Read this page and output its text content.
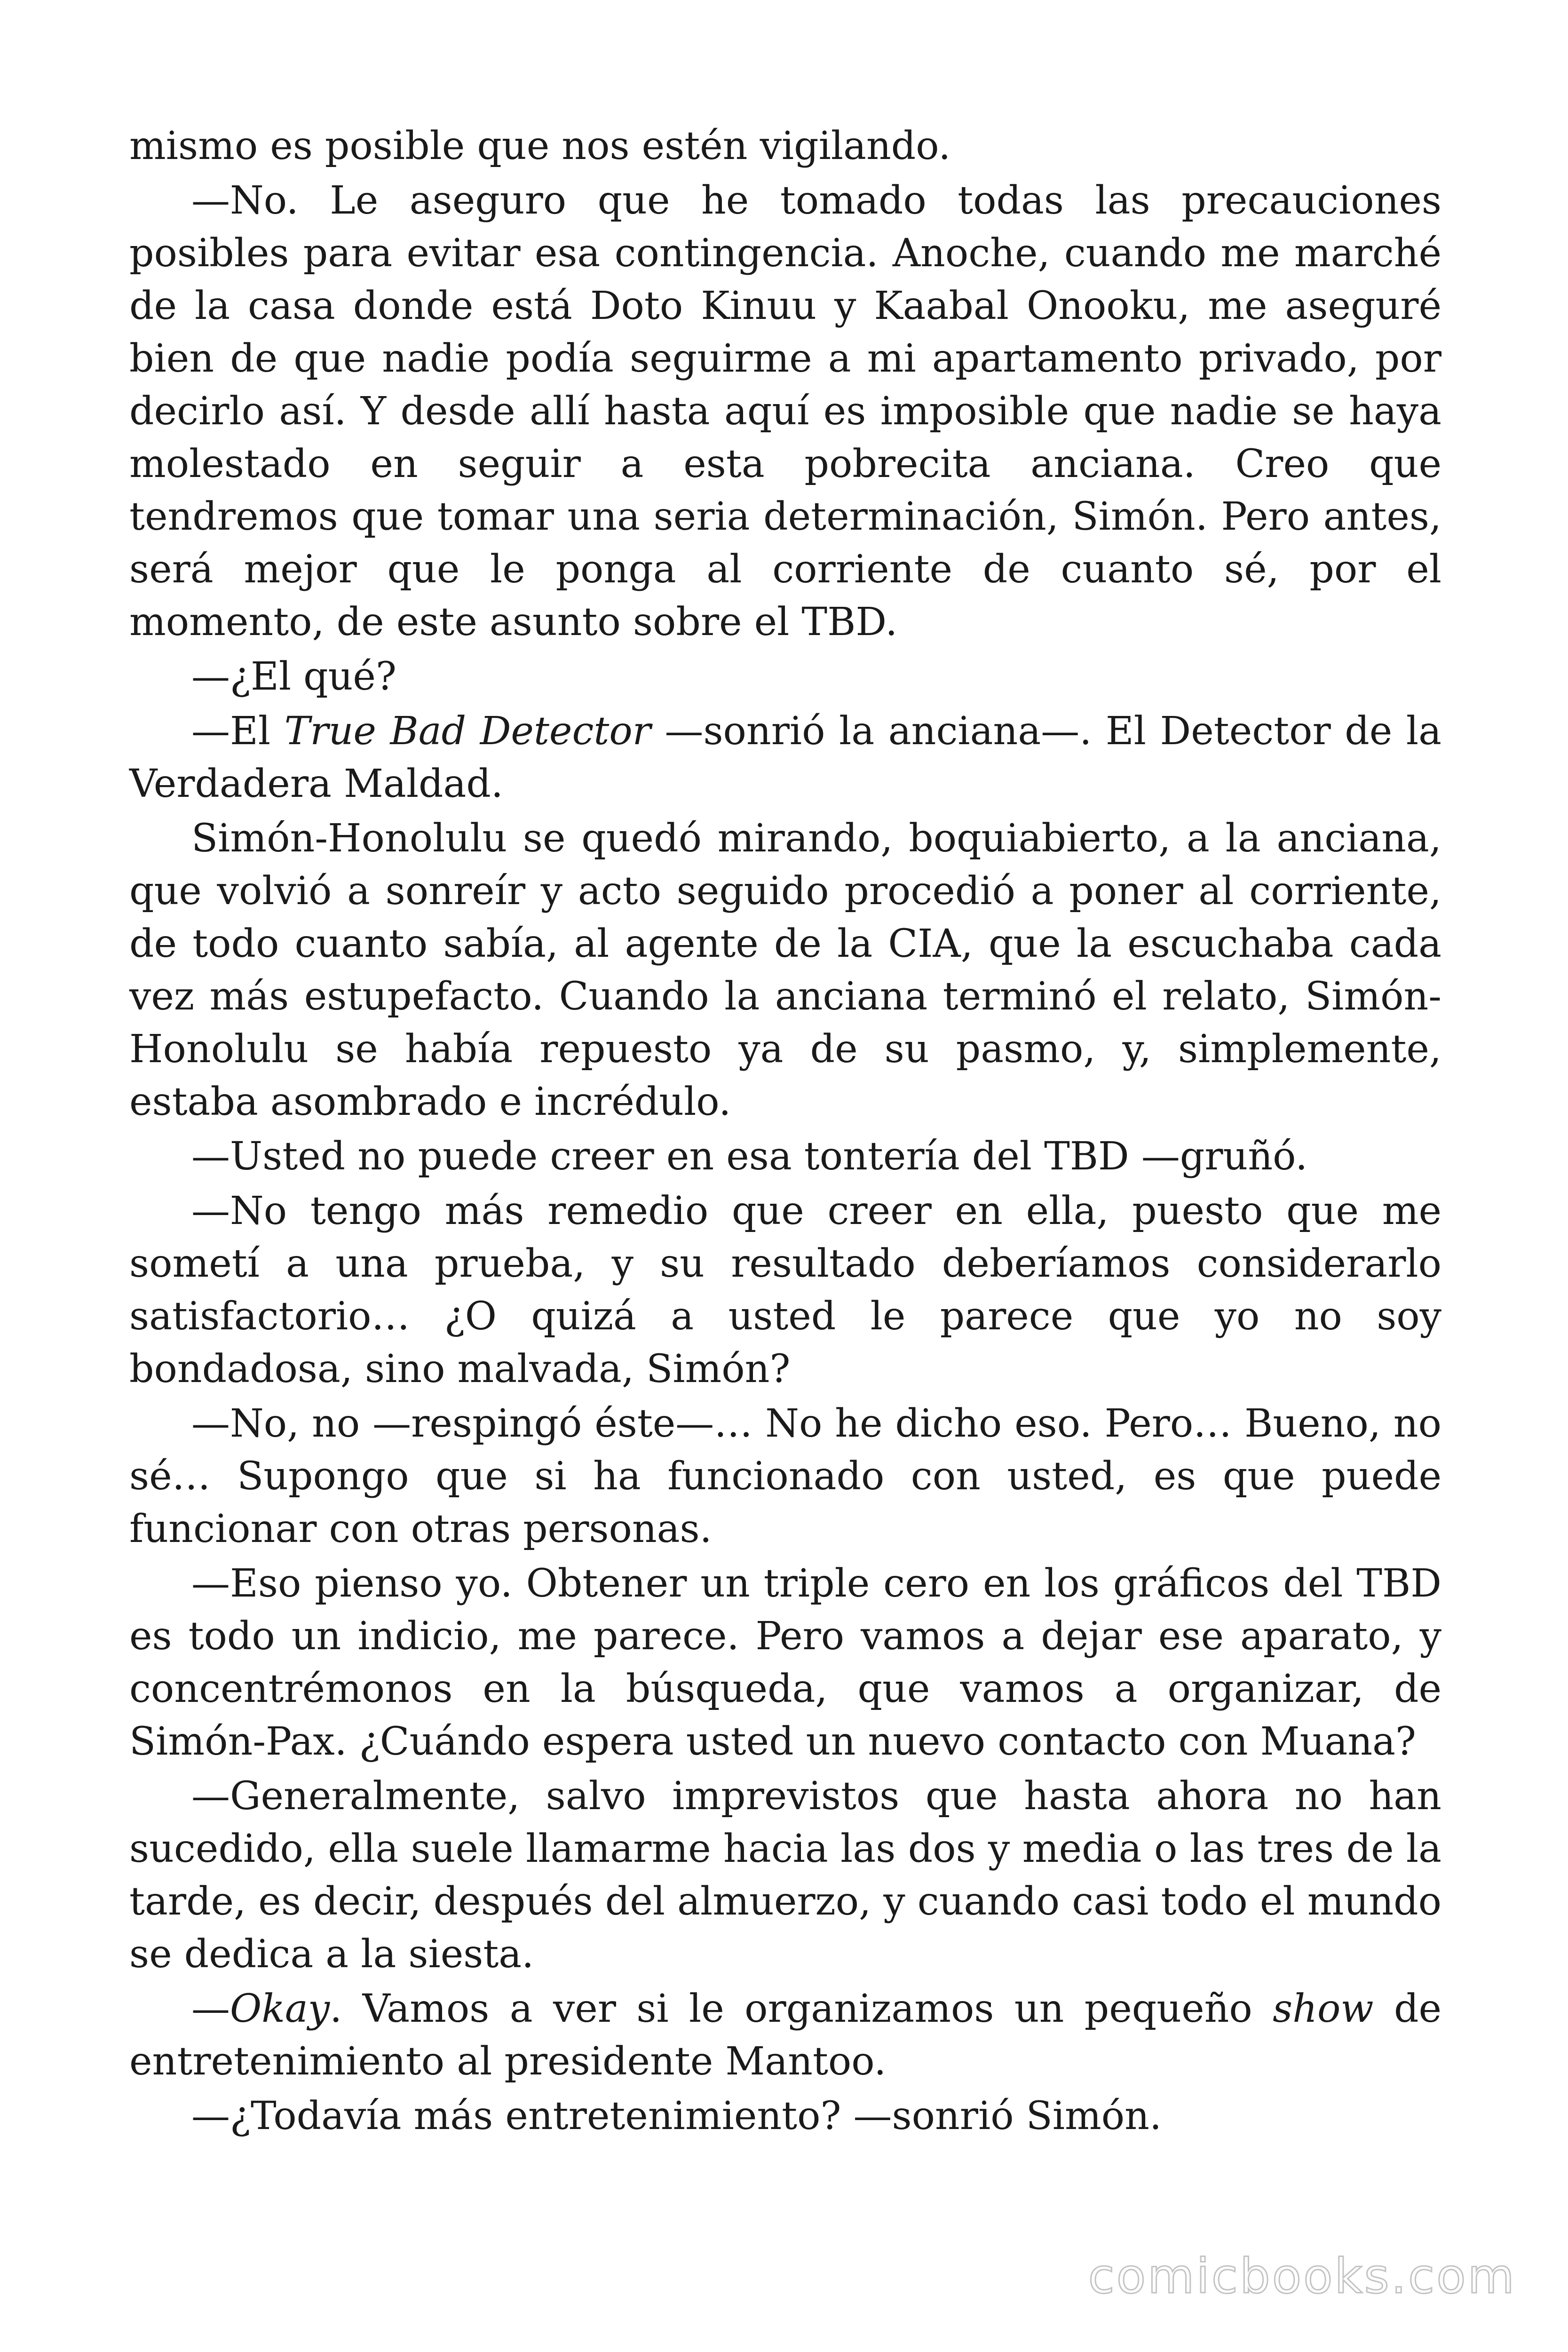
mismo es posible que nos estén vigilando.

—No. Le aseguro que he tomado todas las precauciones posibles para evitar esa contingencia. Anoche, cuando me marché de la casa donde está Doto Kinuu y Kaabal Onooku, me aseguré bien de que nadie podía seguirme a mi apartamento privado, por decirlo así. Y desde allí hasta aquí es imposible que nadie se haya molestado en seguir a esta pobrecita anciana. Creo que tendremos que tomar una seria determinación, Simón. Pero antes, será mejor que le ponga al corriente de cuanto sé, por el momento, de este asunto sobre el TBD.

—¿El qué?

—El True Bad Detector —sonrió la anciana—. El Detector de la Verdadera Maldad.

Simón-Honolulu se quedó mirando, boquiabierto, a la anciana, que volvió a sonreír y acto seguido procedió a poner al corriente, de todo cuanto sabía, al agente de la CIA, que la escuchaba cada vez más estupefacto. Cuando la anciana terminó el relato, Simón-Honolulu se había repuesto ya de su pasmo, y, simplemente, estaba asombrado e incrédulo.

—Usted no puede creer en esa tontería del TBD —gruñó.

—No tengo más remedio que creer en ella, puesto que me sometí a una prueba, y su resultado deberíamos considerarlo satisfactorio… ¿O quizá a usted le parece que yo no soy bondadosa, sino malvada, Simón?

—No, no —respingó éste—… No he dicho eso. Pero… Bueno, no sé… Supongo que si ha funcionado con usted, es que puede funcionar con otras personas.

—Eso pienso yo. Obtener un triple cero en los gráficos del TBD es todo un indicio, me parece. Pero vamos a dejar ese aparato, y concentrémonos en la búsqueda, que vamos a organizar, de Simón-Pax. ¿Cuándo espera usted un nuevo contacto con Muana?

—Generalmente, salvo imprevistos que hasta ahora no han sucedido, ella suele llamarme hacia las dos y media o las tres de la tarde, es decir, después del almuerzo, y cuando casi todo el mundo se dedica a la siesta.

—Okay. Vamos a ver si le organizamos un pequeño show de entretenimiento al presidente Mantoo.

—¿Todavía más entretenimiento? —sonrió Simón.

comicbooks.com
